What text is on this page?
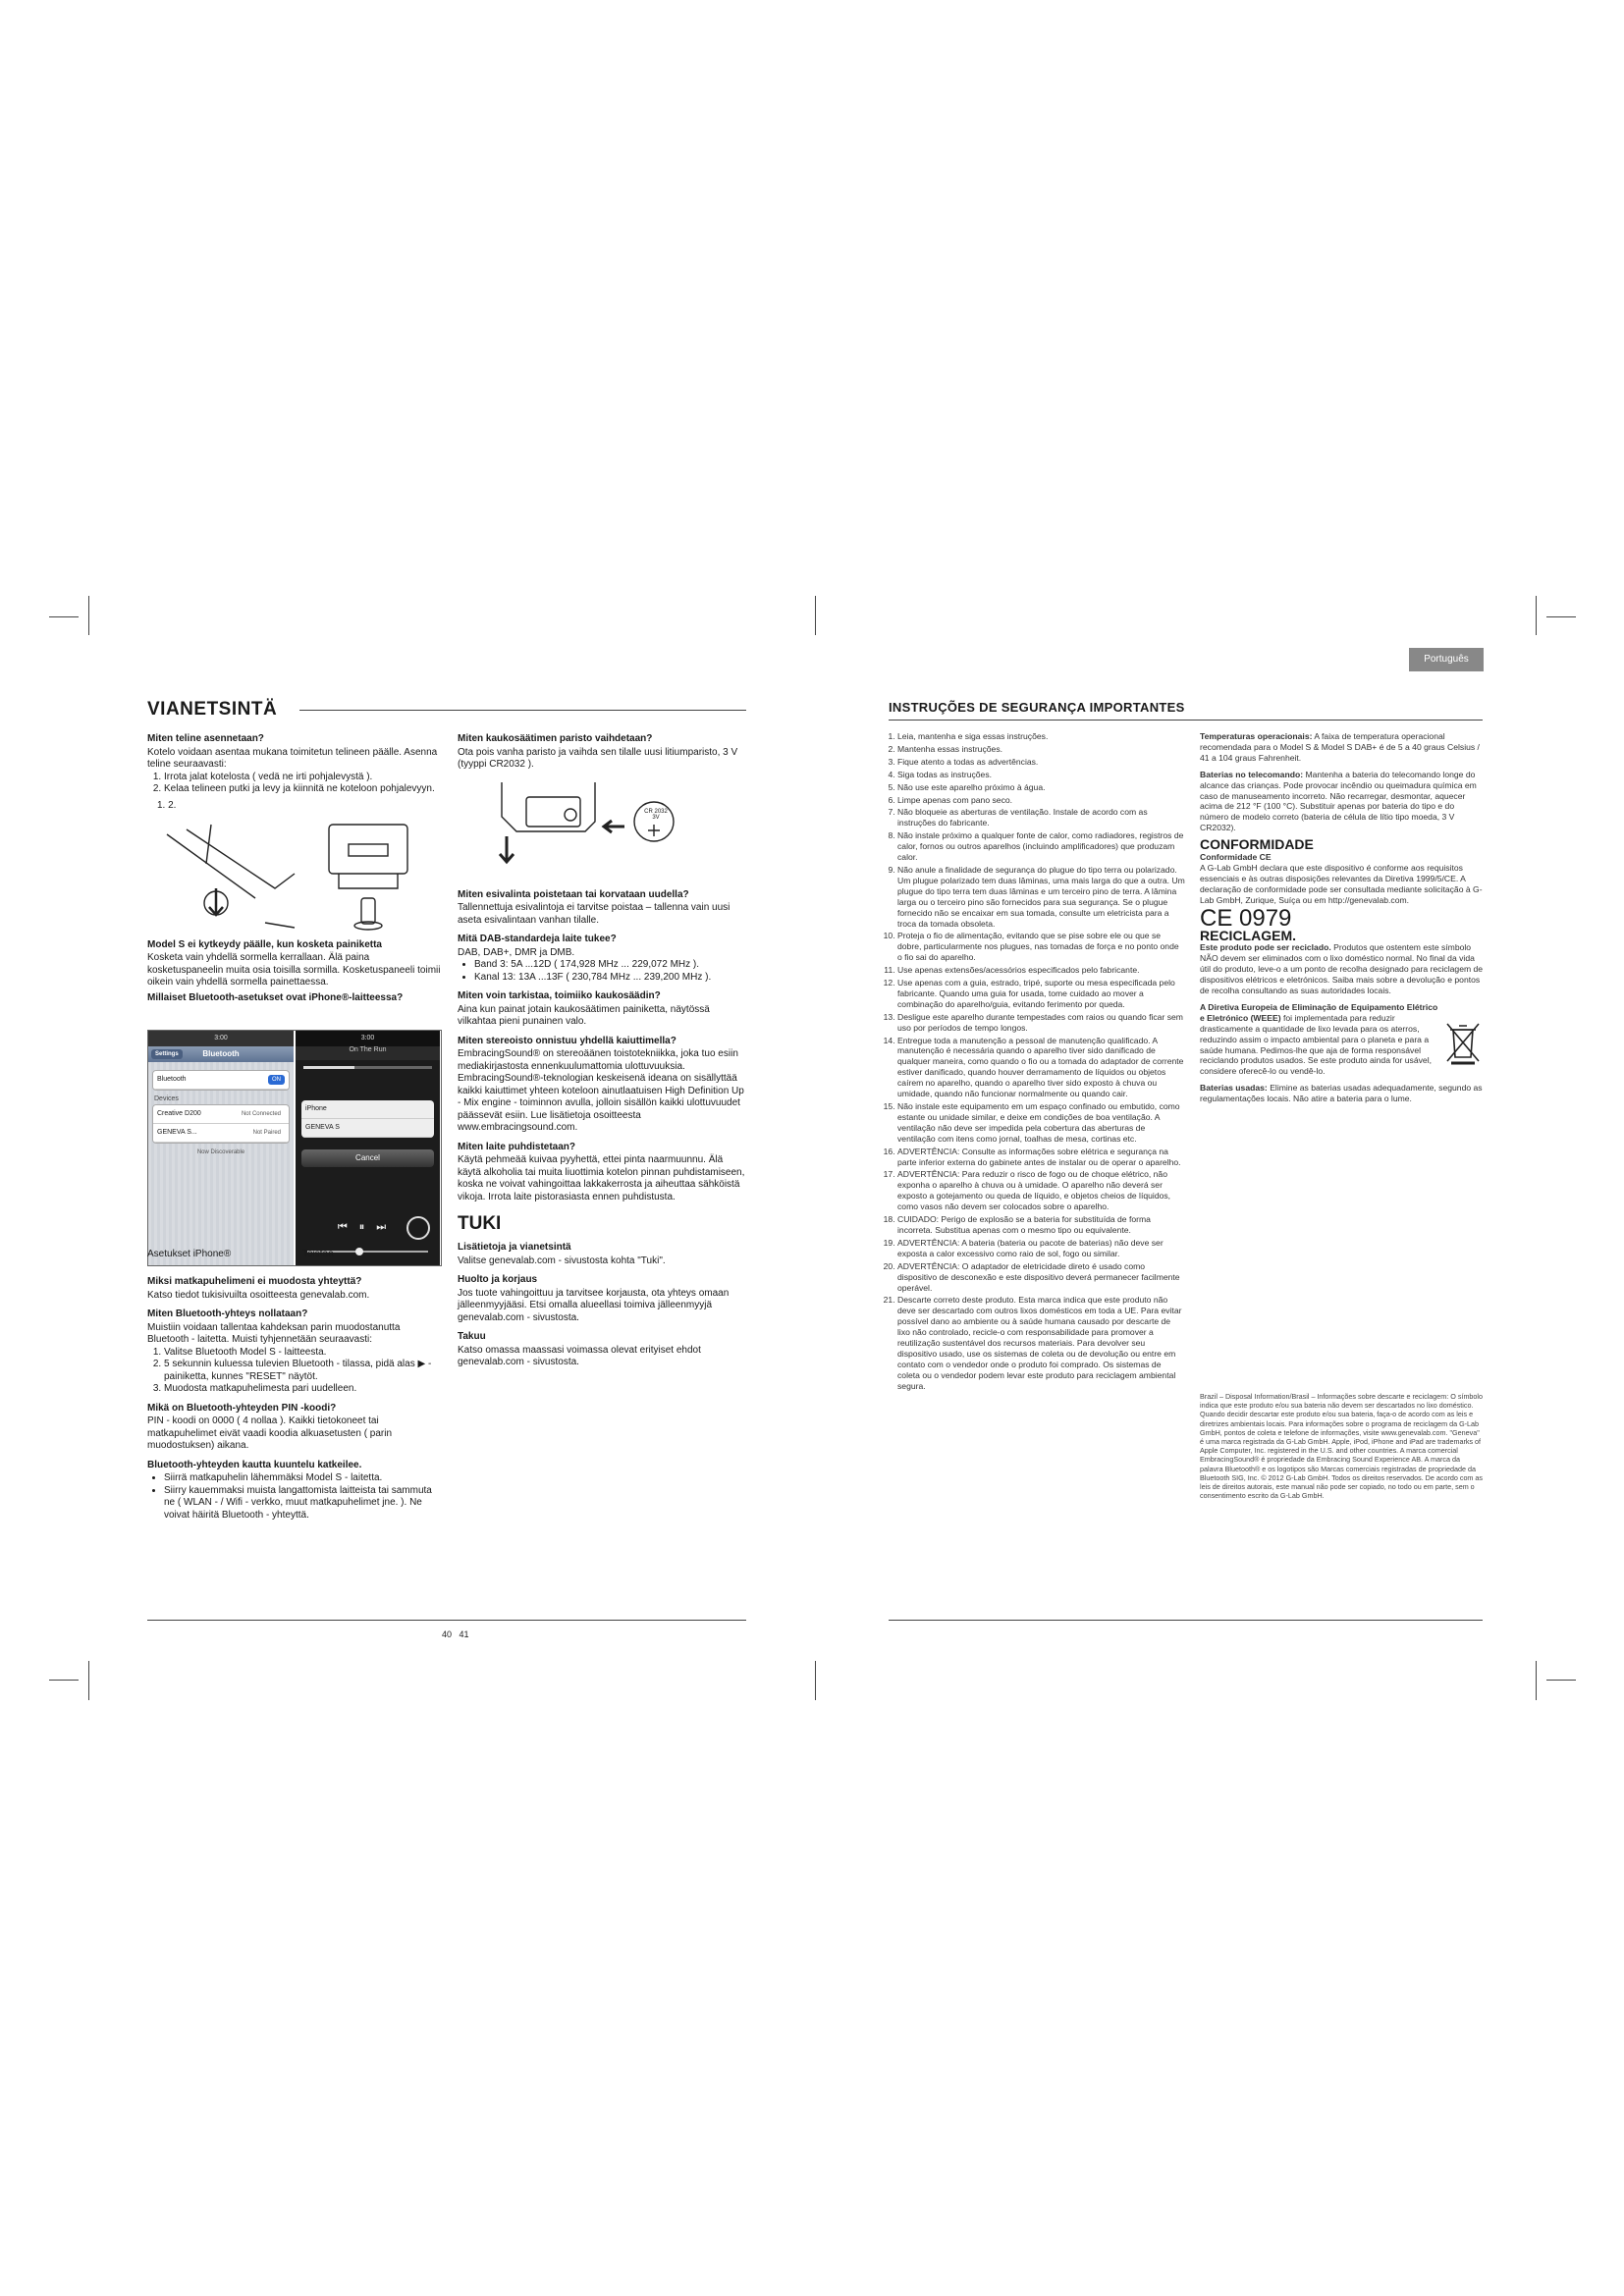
VIANETSINTÄ
Miten teline asennetaan?

Kotelo voidaan asentaa mukana toimitetun telineen päälle. Asenna teline seuraavasti:

1. Irrota jalat kotelosta ( vedä ne irti pohjalevystä ).
2. Kelaa telineen putki ja levy ja kiinnitä ne koteloon pohjalevyyn.
1. 2.
Model S ei kytkeydy päälle, kun kosketa painiketta

Kosketa vain yhdellä sormella kerrallaan. Älä paina kosketuspaneelin muita osia toisilla sormilla. Kosketuspaneeli toimii oikein vain yhdellä sormella painettaessa.

Millaiset Bluetooth-asetukset ovat iPhone®-laitteessa?
3:00
Settings	Bluetooth
Bluetooth	ON
Devices
Creative D200	Not Connected
GENEVA S...	Not Paired
Now Discoverable
3:00
On The Run
iPhone
GENEVA S
Cancel
⏮⏸⏭
Asetukset iPhone®	Toistaa
Miksi matkapuhelimeni ei muodosta yhteyttä?

Katso tiedot tukisivuilta osoitteesta genevalab.com.

Miten Bluetooth-yhteys nollataan?

Muistiin voidaan tallentaa kahdeksan parin muodostanutta Bluetooth - laitetta. Muisti tyhjennetään seuraavasti:

1. Valitse Bluetooth Model S - laitteesta.
2. 5 sekunnin kuluessa tulevien Bluetooth - tilassa, pidä alas ▶ - painiketta, kunnes "RESET" näytöt.
3. Muodosta matkapuhelimesta pari uudelleen.
Mikä on Bluetooth-yhteyden PIN -koodi?

PIN - koodi on 0000 ( 4 nollaa ). Kaikki tietokoneet tai matkapuhelimet eivät vaadi koodia alkuasetusten ( parin muodostuksen) aikana.

Bluetooth-yhteyden kautta kuuntelu katkeilee.
• Siirrä matkapuhelin lähemmäksi Model S - laitetta.
• Siirry kauemmaksi muista langattomista laitteista tai sammuta ne ( WLAN - / Wifi - verkko, muut matkapuhelimet jne. ). Ne voivat häiritä Bluetooth - yhteyttä.
Miten kaukosäätimen paristo vaihdetaan?

Ota pois vanha paristo ja vaihda sen tilalle uusi litiumparisto, 3 V (tyyppi CR2032 ).

CR 2032 3V
Miten esivalinta poistetaan tai korvataan uudella?

Tallennettuja esivalintoja ei tarvitse poistaa – tallenna vain uusi aseta esivalintaan vanhan tilalle.

Mitä DAB-standardeja laite tukee?

DAB, DAB+, DMR ja DMB.

• Band 3: 5A ...12D ( 174,928 MHz ... 229,072 MHz ).
• Kanal 13: 13A ...13F ( 230,784 MHz ... 239,200 MHz ).
Miten voin tarkistaa, toimiiko kaukosäädin?

Aina kun painat jotain kaukosäätimen painiketta, näytössä vilkahtaa pieni punainen valo.

Miten stereoisto onnistuu yhdellä kaiuttimella?

EmbracingSound® on stereoäänen toistotekniikka, joka tuo esiin mediakirjastosta ennenkuulumattomia ulottuvuuksia. EmbracingSound®-teknologian keskeisenä ideana on sisällyttää kaikki kaiuttimet yhteen koteloon ainutlaatuisen High Definition Up - Mix engine - toiminnon avulla, jolloin sisällön kaikki ulottuvuudet päässevät esiin. Lue lisätietoja osoitteesta www.embracingsound.com.

Miten laite puhdistetaan?

Käytä pehmeää kuivaa pyyhettä, ettei pinta naarmuunnu. Älä käytä alkoholia tai muita liuottimia kotelon pinnan puhdistamiseen, koska ne voivat vahingoittaa lakkakerrosta ja aiheuttaa sähköistä vikoja. Irrota laite pistorasiasta ennen puhdistusta.

TUKI
Lisätietoja ja vianetsintä

Valitse genevalab.com - sivustosta kohta "Tuki".

Huolto ja korjaus

Jos tuote vahingoittuu ja tarvitsee korjausta, ota yhteys omaan jälleenmyyjääsi. Etsi omalla alueellasi toimiva jälleenmyyjä genevalab.com - sivustosta.

Takuu

Katso omassa maassasi voimassa olevat erityiset ehdot genevalab.com - sivustosta.

40   41
Português
INSTRUÇÕES DE SEGURANÇA IMPORTANTES
1. Leia, mantenha e siga essas instruções.
2. Mantenha essas instruções.
3. Fique atento a todas as advertências.
4. Siga todas as instruções.
5. Não use este aparelho próximo à água.
6. Limpe apenas com pano seco.
7. Não bloqueie as aberturas de ventilação. Instale de acordo com as instruções do fabricante.
8. Não instale próximo a qualquer fonte de calor, como radiadores, registros de calor, fornos ou outros aparelhos (incluindo amplificadores) que produzam calor.
9. Não anule a finalidade de segurança do plugue do tipo terra ou polarizado. Um plugue polarizado tem duas lâminas, uma mais larga do que a outra. Um plugue do tipo terra tem duas lâminas e um terceiro pino de terra. A lâmina larga ou o terceiro pino são fornecidos para sua segurança. Se o plugue fornecido não se encaixar em sua tomada, consulte um eletricista para a troca da tomada obsoleta.
10. Proteja o fio de alimentação, evitando que se pise sobre ele ou que se dobre, particularmente nos plugues, nas tomadas de força e no ponto onde o fio sai do aparelho.
11. Use apenas extensões/acessórios especificados pelo fabricante.
12. Use apenas com a guia, estrado, tripé, suporte ou mesa especificada pelo fabricante. Quando uma guia for usada, tome cuidado ao mover a combinação do aparelho/guia, evitando ferimento por queda.
13. Desligue este aparelho durante tempestades com raios ou quando ficar sem uso por períodos de tempo longos.
14. Entregue toda a manutenção a pessoal de manutenção qualificado. A manutenção é necessária quando o aparelho tiver sido danificado de qualquer maneira, como quando o fio ou a tomada do adaptador de corrente estiver danificado, quando houver derramamento de líquidos ou objetos caírem no aparelho, quando o aparelho tiver sido exposto à chuva ou umidade, quando não funcionar normalmente ou quando cair.
15. Não instale este equipamento em um espaço confinado ou embutido, como estante ou unidade similar, e deixe em condições de boa ventilação. A ventilação não deve ser impedida pela cobertura das aberturas de ventilação com itens como jornal, toalhas de mesa, cortinas etc.
16. ADVERTÊNCIA: Consulte as informações sobre elétrica e segurança na parte inferior externa do gabinete antes de instalar ou de operar o aparelho.
17. ADVERTÊNCIA: Para reduzir o risco de fogo ou de choque elétrico, não exponha o aparelho à chuva ou à umidade. O aparelho não deverá ser exposto a gotejamento ou queda de líquido, e objetos cheios de líquidos, como vasos não devem ser colocados sobre o aparelho.
18. CUIDADO: Perigo de explosão se a bateria for substituída de forma incorreta. Substitua apenas com o mesmo tipo ou equivalente.
19. ADVERTÊNCIA: A bateria (bateria ou pacote de baterias) não deve ser exposta a calor excessivo como raio de sol, fogo ou similar.
20. ADVERTÊNCIA: O adaptador de eletricidade direto é usado como dispositivo de desconexão e este dispositivo deverá permanecer facilmente operável.
21. Descarte correto deste produto. Esta marca indica que este produto não deve ser descartado com outros lixos domésticos em toda a UE. Para evitar possível dano ao ambiente ou à saúde humana causado por descarte de lixo não controlado, recicle-o com responsabilidade para promover a reutilização sustentável dos recursos materiais. Para devolver seu dispositivo usado, use os sistemas de coleta ou de devolução ou entre em contato com o vendedor onde o produto foi comprado. Os sistemas de coleta ou o vendedor podem levar este produto para reciclagem ambiental segura.

Temperaturas operacionais: A faixa de temperatura operacional recomendada para o Model S & Model S DAB+ é de 5 a 40 graus Celsius / 41 a 104 graus Fahrenheit.

Baterias no telecomando: Mantenha a bateria do telecomando longe do alcance das crianças. Pode provocar incêndio ou queimadura química em caso de manuseamento incorreto. Não recarregar, desmontar, aquecer acima de 212 °F (100 °C). Substituir apenas por bateria do tipo e do número de modelo correto (bateria de célula de lítio tipo moeda, 3 V CR2032).

CONFORMIDADE
Conformidade CE

A G-Lab GmbH declara que este dispositivo é conforme aos requisitos essenciais e às outras disposições relevantes da Diretiva 1999/5/CE. A declaração de conformidade pode ser consultada mediante solicitação à G-Lab GmbH, Zurique, Suíça ou em http://genevalab.com.

CE 0979
RECICLAGEM.

Este produto pode ser reciclado. Produtos que ostentem este símbolo NÃO devem ser eliminados com o lixo doméstico normal. No final da vida útil do produto, leve-o a um ponto de recolha designado para reciclagem de dispositivos elétricos e eletrónicos. Saiba mais sobre a devolução e pontos de recolha consultando as suas autoridades locais.

A Diretiva Europeia de Eliminação de Equipamento Elétrico e Eletrónico (WEEE) foi implementada para reduzir drasticamente a quantidade de lixo levada para os aterros, reduzindo assim o impacto ambiental para o planeta e para a saúde humana. Pedimos-lhe que aja de forma responsável reciclando produtos usados. Se este produto ainda for usável, considere oferecê-lo ou vendê-lo.

Baterias usadas: Elimine as baterias usadas adequadamente, segundo as regulamentações locais. Não atire a bateria para o lume.

Brazil – Disposal Information/Brasil – Informações sobre descarte e reciclagem: O símbolo indica que este produto e/ou sua bateria não devem ser descartados no lixo doméstico. Quando decidir descartar este produto e/ou sua bateria, faça-o de acordo com as leis e diretrizes ambientais locais. Para informações sobre o programa de reciclagem da G-Lab GmbH, pontos de coleta e telefone de informações, visite www.genevalab.com. "Geneva" é uma marca registrada da G-Lab GmbH. Apple, iPod, iPhone and iPad are trademarks of Apple Computer, Inc. registered in the U.S. and other countries. A marca comercial EmbracingSound® é propriedade da Embracing Sound Experience AB. A marca da palavra Bluetooth® e os logotipos são Marcas comerciais registradas de propriedade da Bluetooth SIG, Inc. © 2012 G-Lab GmbH. Todos os direitos reservados. De acordo com as leis de direitos autorais, este manual não pode ser copiado, no todo ou em parte, sem o consentimento escrito da G-Lab GmbH.
